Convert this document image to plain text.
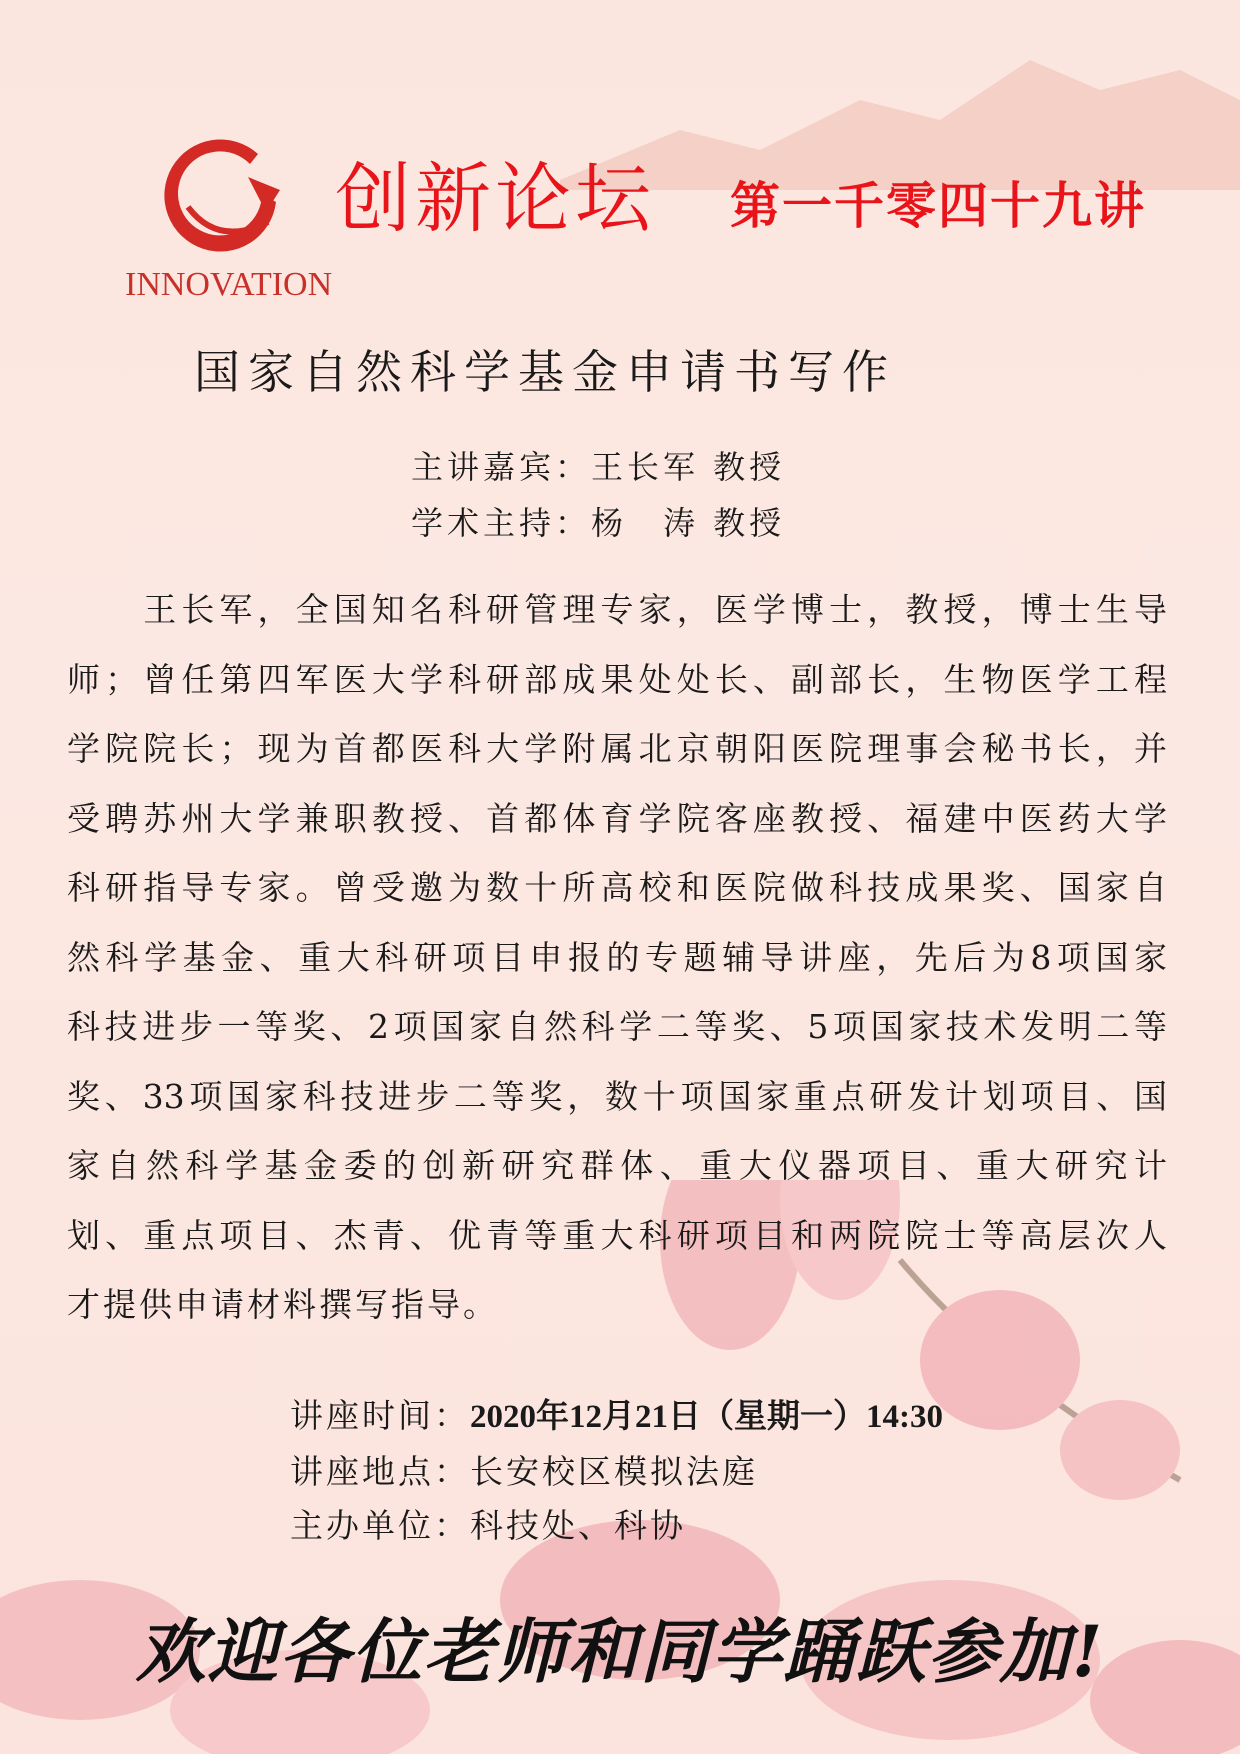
INNOVATION
创新论坛 第一千零四十九讲
国家自然科学基金申请书写作
主讲嘉宾：王长军 教授
学术主持：杨　涛 教授
　　王长军，全国知名科研管理专家，医学博士，教授，博士生导
师；曾任第四军医大学科研部成果处处长、副部长，生物医学工程
学院院长；现为首都医科大学附属北京朝阳医院理事会秘书长，并
受聘苏州大学兼职教授、首都体育学院客座教授、福建中医药大学
科研指导专家。曾受邀为数十所高校和医院做科技成果奖、国家自
然科学基金、重大科研项目申报的专题辅导讲座，先后为8项国家
科技进步一等奖、2项国家自然科学二等奖、5项国家技术发明二等
奖、33项国家科技进步二等奖，数十项国家重点研发计划项目、国
家自然科学基金委的创新研究群体、重大仪器项目、重大研究计
划、重点项目、杰青、优青等重大科研项目和两院院士等高层次人
才提供申请材料撰写指导。
讲座时间：2020年12月21日（星期一）14:30
讲座地点：长安校区模拟法庭
主办单位：科技处、科协
欢迎各位老师和同学踊跃参加!
